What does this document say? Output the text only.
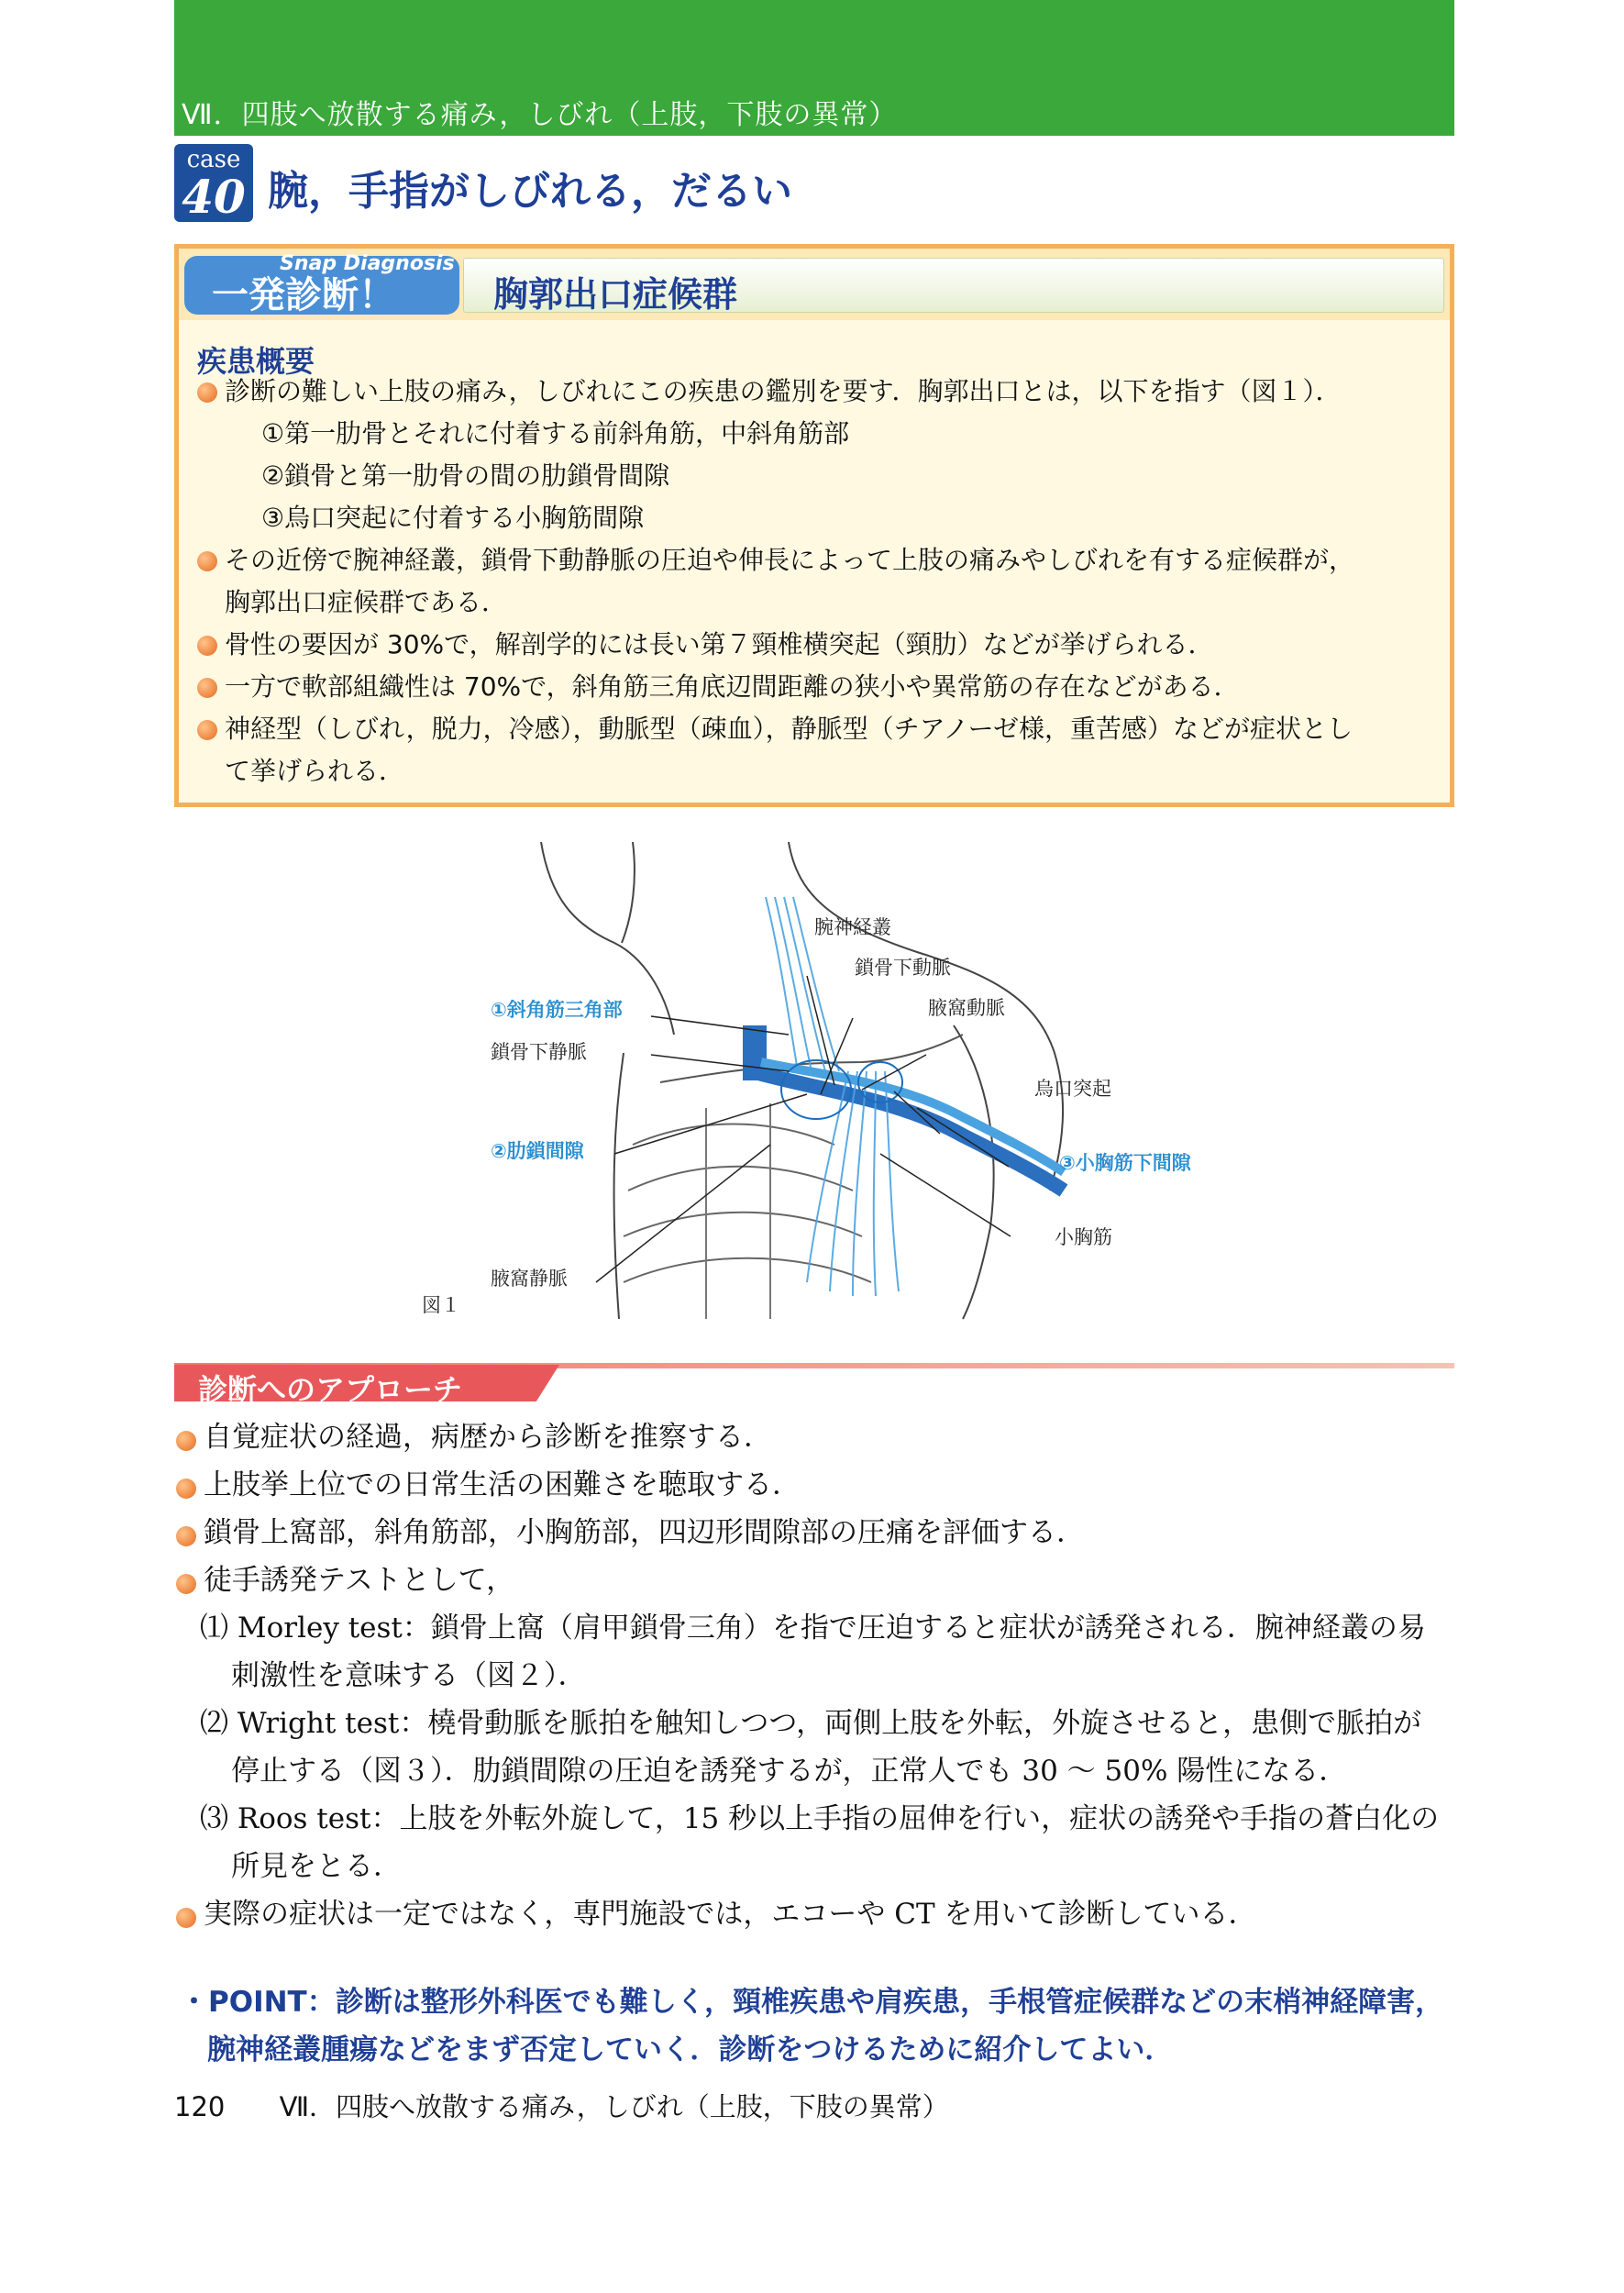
Ⅶ．四肢へ放散する痛み，しびれ（上肢，下肢の異常）
case
40 腕，手指がしびれる，だるい
一発診断！
Snap Diagnosis
胸郭出口症候群
疾患概要
診断の難しい上肢の痛み，しびれにこの疾患の鑑別を要す．胸郭出口とは，以下を指す（図１）．
①第一肋骨とそれに付着する前斜角筋，中斜角筋部
②鎖骨と第一肋骨の間の肋鎖骨間隙
③烏口突起に付着する小胸筋間隙
その近傍で腕神経叢，鎖骨下動静脈の圧迫や伸長によって上肢の痛みやしびれを有する症候群が，
胸郭出口症候群である．
骨性の要因が 30%で，解剖学的には長い第７頸椎横突起（頸肋）などが挙げられる．
一方で軟部組織性は 70%で，斜角筋三角底辺間距離の狭小や異常筋の存在などがある．
神経型（しびれ，脱力，冷感），動脈型（疎血），静脈型（チアノーゼ様，重苦感）などが症状とし
て挙げられる．
腕神経叢
鎖骨下動脈
①斜角筋三角部	腋窩動脈
鎖骨下静脈
烏口突起
②肋鎖間隙
③小胸筋下間隙
小胸筋
腋窩静脈
図１
診断へのアプローチ
自覚症状の経過，病歴から診断を推察する．
上肢挙上位での日常生活の困難さを聴取する．
鎖骨上窩部，斜角筋部，小胸筋部，四辺形間隙部の圧痛を評価する．
徒手誘発テストとして，
⑴ Morley test：鎖骨上窩（肩甲鎖骨三角）を指で圧迫すると症状が誘発される．腕神経叢の易
刺激性を意味する（図２）．
⑵ Wright test：橈骨動脈を脈拍を触知しつつ，両側上肢を外転，外旋させると，患側で脈拍が
停止する（図３）．肋鎖間隙の圧迫を誘発するが，正常人でも 30 ～ 50% 陽性になる．
⑶ Roos test：上肢を外転外旋して，15 秒以上手指の屈伸を行い，症状の誘発や手指の蒼白化の
所見をとる．
実際の症状は一定ではなく，専門施設では，エコーや CT を用いて診断している．
・POINT：診断は整形外科医でも難しく，頸椎疾患や肩疾患，手根管症候群などの末梢神経障害，
腕神経叢腫瘍などをまず否定していく．診断をつけるために紹介してよい．
120 Ⅶ．四肢へ放散する痛み，しびれ（上肢，下肢の異常）
